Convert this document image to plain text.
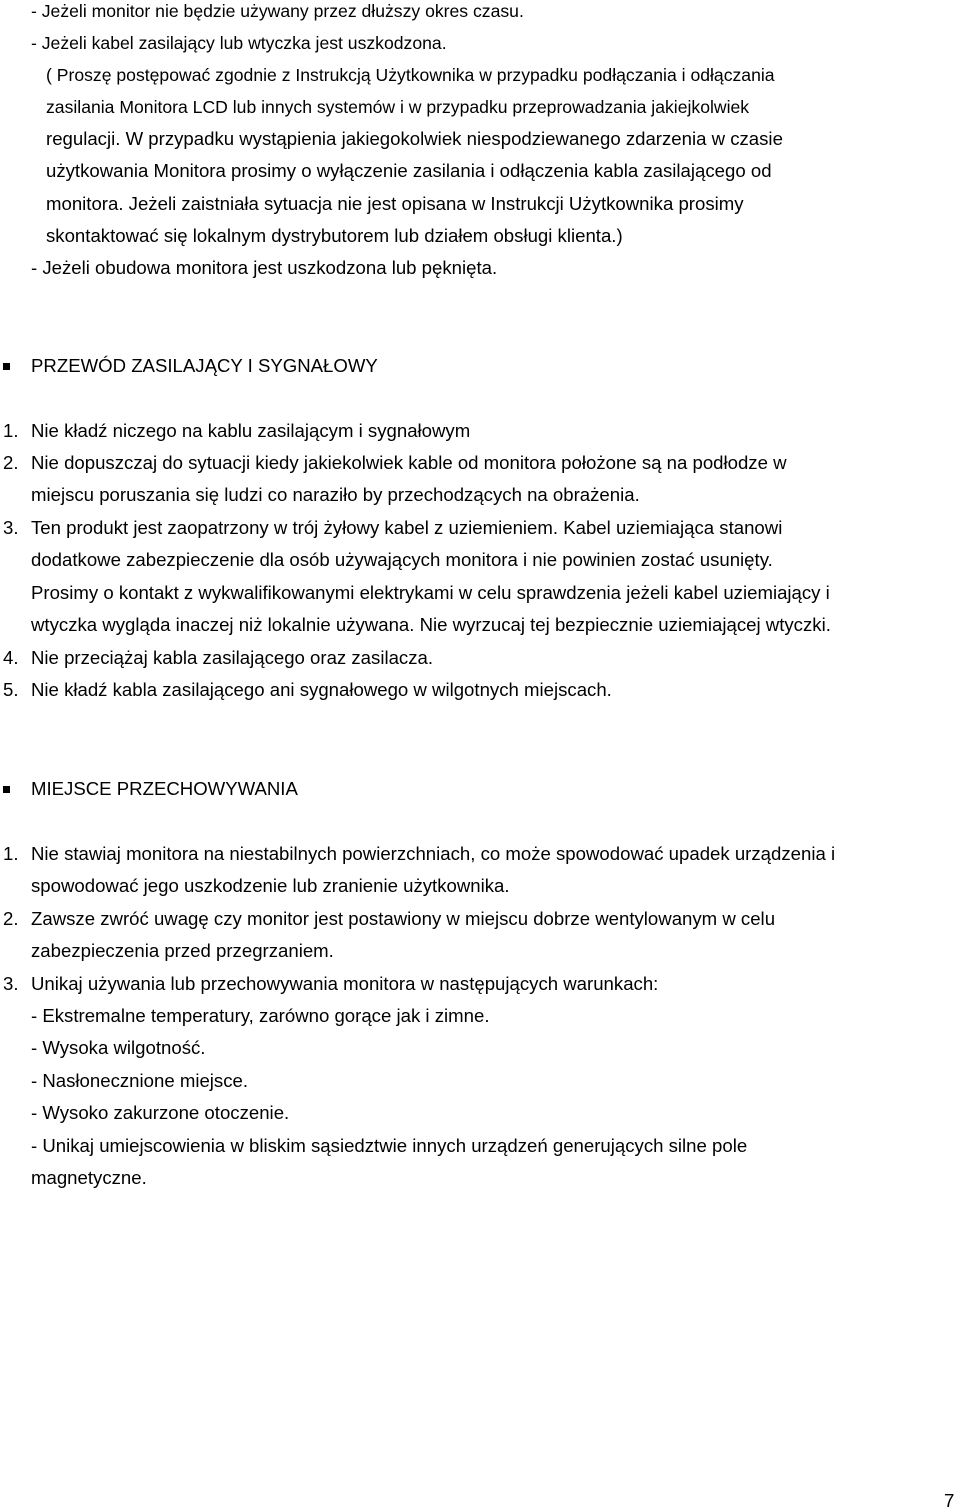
- Jeżeli monitor nie będzie używany przez dłuższy okres czasu.
- Jeżeli kabel zasilający lub wtyczka jest uszkodzona.
( Proszę postępować zgodnie z Instrukcją Użytkownika w przypadku podłączania i odłączania
zasilania Monitora LCD lub innych systemów i w przypadku przeprowadzania jakiejkolwiek
regulacji. W przypadku wystąpienia jakiegokolwiek niespodziewanego zdarzenia w czasie
użytkowania Monitora prosimy o wyłączenie zasilania i odłączenia kabla zasilającego od
monitora. Jeżeli zaistniała sytuacja nie jest opisana w Instrukcji Użytkownika prosimy
skontaktować się lokalnym dystrybutorem lub działem obsługi klienta.)
- Jeżeli obudowa monitora jest uszkodzona lub pęknięta.
PRZEWÓD ZASILAJĄCY I SYGNAŁOWY
1. Nie kładź niczego na kablu zasilającym i sygnałowym
2. Nie dopuszczaj do sytuacji kiedy jakiekolwiek kable od monitora położone są na podłodze w
miejscu poruszania się ludzi co naraziło by przechodzących na obrażenia.
3. Ten produkt jest zaopatrzony w trój żyłowy kabel z uziemieniem. Kabel uziemiająca stanowi
dodatkowe zabezpieczenie dla osób używających monitora i nie powinien zostać usunięty.
Prosimy o kontakt z wykwalifikowanymi elektrykami w celu sprawdzenia jeżeli kabel uziemiający i
wtyczka wygląda inaczej niż lokalnie używana. Nie wyrzucaj tej bezpiecznie uziemiającej wtyczki.
4. Nie przeciążaj kabla zasilającego oraz zasilacza.
5. Nie kładź kabla zasilającego ani sygnałowego w wilgotnych miejscach.
MIEJSCE PRZECHOWYWANIA
1. Nie stawiaj monitora na niestabilnych powierzchniach, co może spowodować upadek urządzenia i
spowodować jego uszkodzenie lub zranienie użytkownika.
2. Zawsze zwróć uwagę czy monitor jest postawiony w miejscu dobrze wentylowanym w celu
zabezpieczenia przed przegrzaniem.
3. Unikaj używania lub przechowywania monitora w następujących warunkach:
- Ekstremalne temperatury, zarówno gorące jak i zimne.
- Wysoka wilgotność.
- Nasłonecznione miejsce.
- Wysoko zakurzone otoczenie.
- Unikaj umiejscowienia w bliskim sąsiedztwie innych urządzeń generujących silne pole
magnetyczne.
7
